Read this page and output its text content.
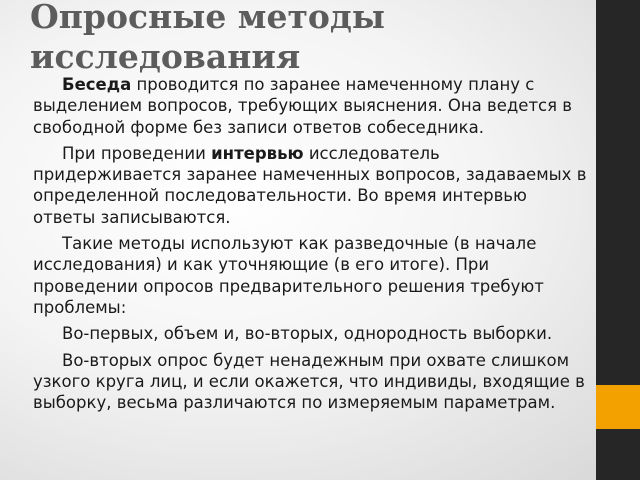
Опросные методы исследования

Беседа проводится по заранее намеченному плану с выделением вопросов, требующих выяснения. Она ведется в свободной форме без записи ответов собеседника.

При проведении интервью исследователь придерживается заранее намеченных вопросов, задаваемых в определенной последовательности. Во время интервью ответы записываются.

Такие методы используют как разведочные (в начале исследования) и как уточняющие (в его итоге). При проведении опросов предварительного решения требуют проблемы:

Во-первых, объем и, во-вторых, однородность выборки.

Во-вторых опрос будет ненадежным при охвате слишком узкого круга лиц, и если окажется, что индивиды, входящие в выборку, весьма различаются по измеряемым параметрам.
